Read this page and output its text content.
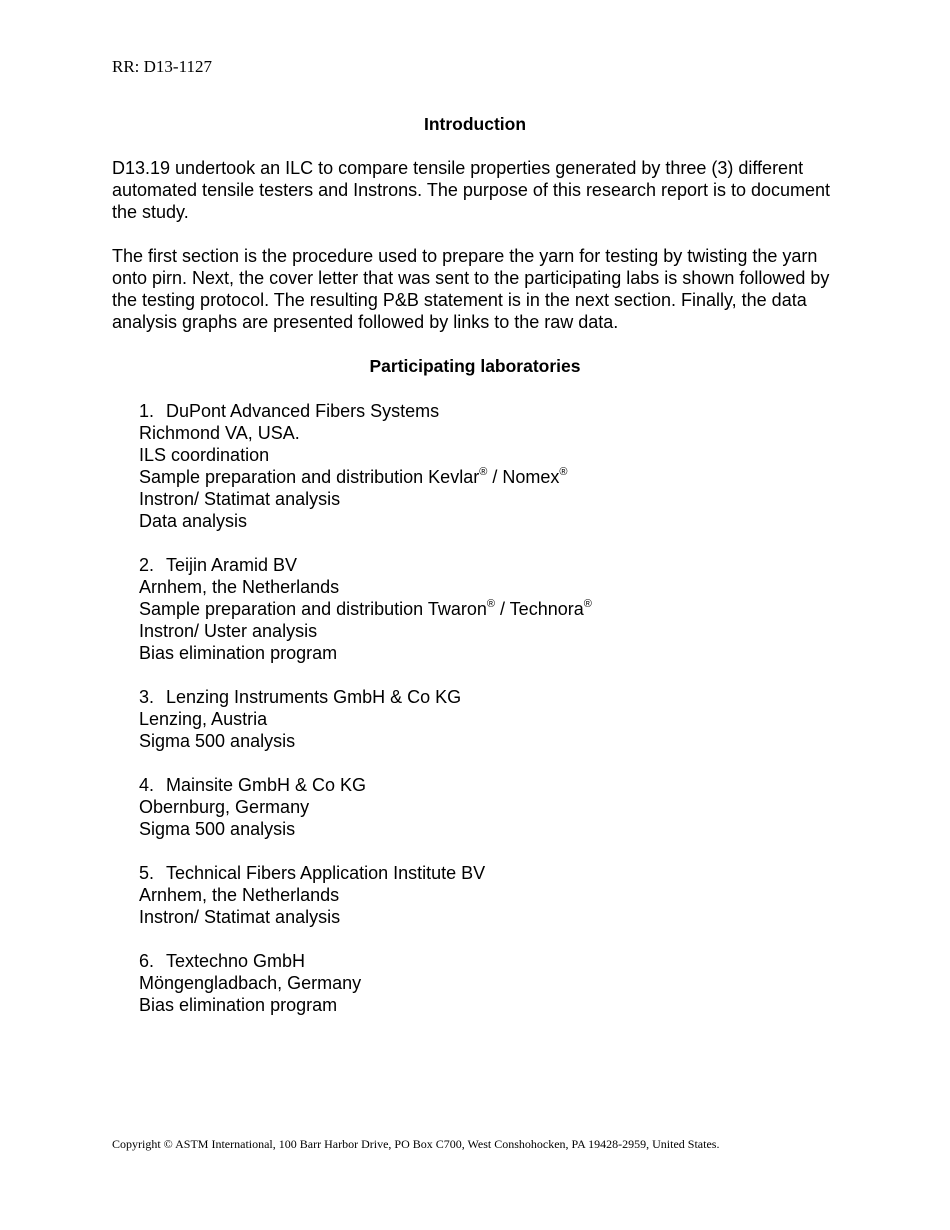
RR: D13-1127
Introduction

D13.19 undertook an ILC to compare tensile properties generated by three (3) different automated tensile testers and Instrons. The purpose of this research report is to document the study.

The first section is the procedure used to prepare the yarn for testing by twisting the yarn onto pirn. Next, the cover letter that was sent to the participating labs is shown followed by the testing protocol. The resulting P&B statement is in the next section. Finally, the data analysis graphs are presented followed by links to the raw data.

Participating laboratories
1. DuPont Advanced Fibers Systems
Richmond VA, USA.
ILS coordination
Sample preparation and distribution Kevlar® / Nomex®
Instron/ Statimat analysis
Data analysis
2. Teijin Aramid BV
Arnhem, the Netherlands
Sample preparation and distribution Twaron® / Technora®
Instron/ Uster analysis
Bias elimination program
3. Lenzing Instruments GmbH & Co KG
Lenzing, Austria
Sigma 500 analysis
4. Mainsite GmbH & Co KG
Obernburg, Germany
Sigma 500 analysis
5. Technical Fibers Application Institute BV
Arnhem, the Netherlands
Instron/ Statimat analysis
6. Textechno GmbH
Möngengladbach, Germany
Bias elimination program
Copyright © ASTM International, 100 Barr Harbor Drive, PO Box C700, West Conshohocken, PA 19428-2959, United States.
